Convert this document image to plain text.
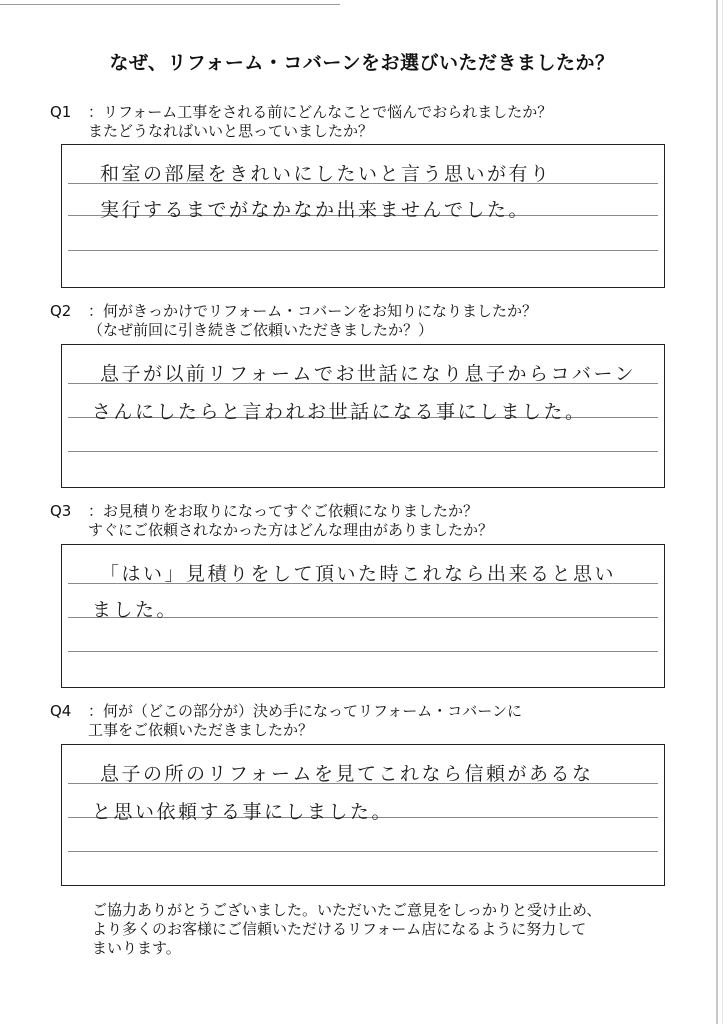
なぜ、リフォーム・コバーンをお選びいただきましたか？
Q1 ：リフォーム工事をされる前にどんなことで悩んでおられましたか？
またどうなればいいと思っていましたか？
和室の部屋をきれいにしたいと言う思いが有り
実行するまでがなかなか出来ませんでした。
Q2 ：何がきっかけでリフォーム・コバーンをお知りになりましたか？
（なぜ前回に引き続きご依頼いただきましたか？）
息子が以前リフォームでお世話になり息子からコバーン
さんにしたらと言われお世話になる事にしました。
Q3 ：お見積りをお取りになってすぐご依頼になりましたか？
すぐにご依頼されなかった方はどんな理由がありましたか？
「はい」見積りをして頂いた時これなら出来ると思い
ました。
Q4 ：何が（どこの部分が）決め手になってリフォーム・コバーンに
工事をご依頼いただきましたか？
息子の所のリフォームを見てこれなら信頼があるな
と思い依頼する事にしました。
ご協力ありがとうございました。いただいたご意見をしっかりと受け止め、
より多くのお客様にご信頼いただけるリフォーム店になるように努力して
まいります。
